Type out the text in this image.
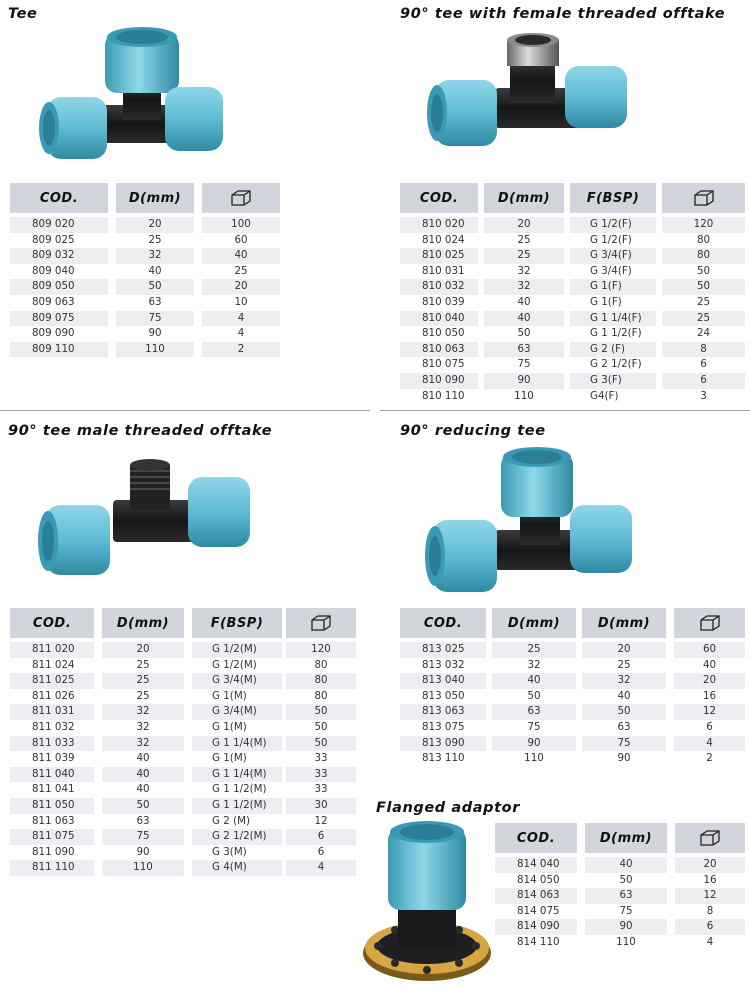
Tee	90° tee with female threaded offtake
90° tee male threaded offtake	90° reducing tee
Flanged adaptor
COD.	D(mm)
809 020	20	100
809 025	25	60
809 032	32	40
809 040	40	25
809 050	50	20
809 063	63	10
809 075	75	4
809 090	90	4
809 110	110	2
COD.	D(mm)	F(BSP)
810 020	20	G 1/2(F)	120
810 024	25	G 1/2(F)	80
810 025	25	G 3/4(F)	80
810 031	32	G 3/4(F)	50
810 032	32	G 1(F)	50
810 039	40	G 1(F)	25
810 040	40	G 1 1/4(F)	25
810 050	50	G 1 1/2(F)	24
810 063	63	G 2 (F)	8
810 075	75	G 2 1/2(F)	6
810 090	90	G 3(F)	6
810 110	110	G4(F)	3
COD.	D(mm)	F(BSP)
811 020	20	G 1/2(M)	120
811 024	25	G 1/2(M)	80
811 025	25	G 3/4(M)	80
811 026	25	G 1(M)	80
811 031	32	G 3/4(M)	50
811 032	32	G 1(M)	50
811 033	32	G 1 1/4(M)	50
811 039	40	G 1(M)	33
811 040	40	G 1 1/4(M)	33
811 041	40	G 1 1/2(M)	33
811 050	50	G 1 1/2(M)	30
811 063	63	G 2 (M)	12
811 075	75	G 2 1/2(M)	6
811 090	90	G 3(M)	6
811 110	110	G 4(M)	4
COD.	D(mm)	D(mm)
813 025	25	20	60
813 032	32	25	40
813 040	40	32	20
813 050	50	40	16
813 063	63	50	12
813 075	75	63	6
813 090	90	75	4
813 110	110	90	2
COD.	D(mm)
814 040	40	20
814 050	50	16
814 063	63	12
814 075	75	8
814 090	90	6
814 110	110	4
